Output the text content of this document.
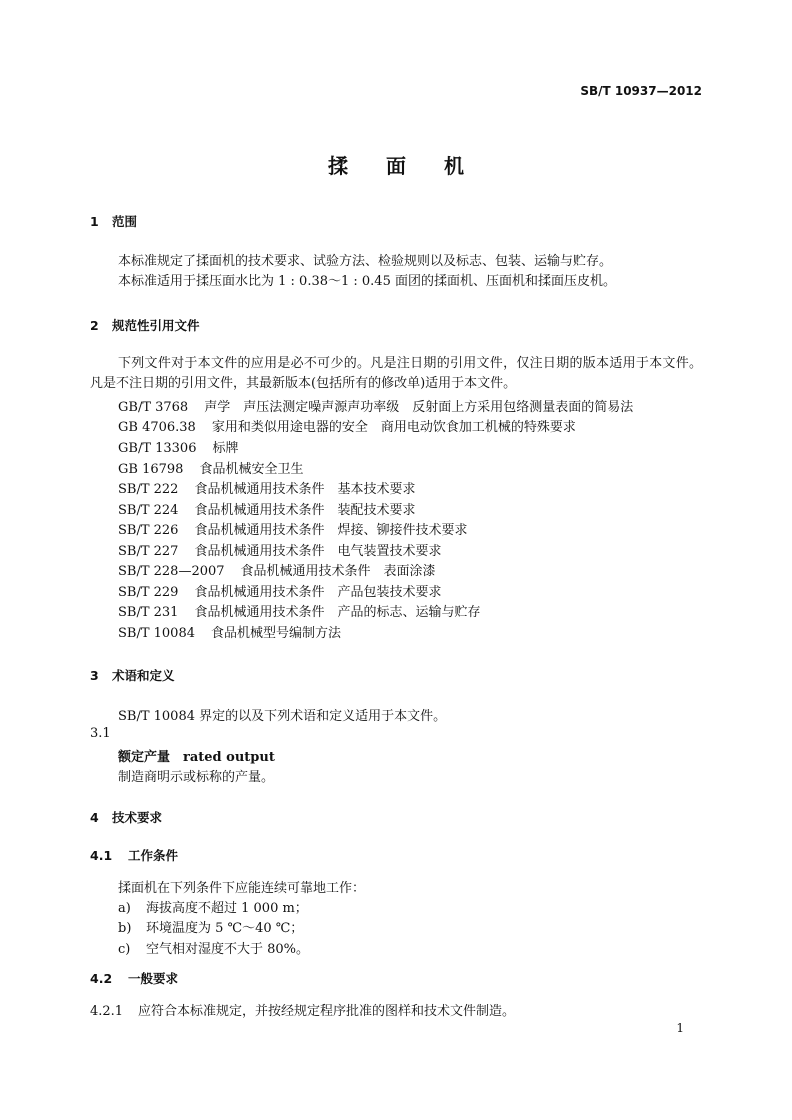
SB/T 10937—2012
揉面机
1 范围
本标准规定了揉面机的技术要求、试验方法、检验规则以及标志、包装、运输与贮存。
本标准适用于揉压面水比为 1 : 0.38～1 : 0.45 面团的揉面机、压面机和揉面压皮机。
2 规范性引用文件
下列文件对于本文件的应用是必不可少的。凡是注日期的引用文件，仅注日期的版本适用于本文件。凡是不注日期的引用文件，其最新版本(包括所有的修改单)适用于本文件。
GB/T 3768 声学　声压法测定噪声源声功率级　反射面上方采用包络测量表面的简易法
GB 4706.38 家用和类似用途电器的安全　商用电动饮食加工机械的特殊要求
GB/T 13306 标牌
GB 16798 食品机械安全卫生
SB/T 222 食品机械通用技术条件　基本技术要求
SB/T 224 食品机械通用技术条件　装配技术要求
SB/T 226 食品机械通用技术条件　焊接、铆接件技术要求
SB/T 227 食品机械通用技术条件　电气装置技术要求
SB/T 228—2007 食品机械通用技术条件　表面涂漆
SB/T 229 食品机械通用技术条件　产品包装技术要求
SB/T 231 食品机械通用技术条件　产品的标志、运输与贮存
SB/T 10084 食品机械型号编制方法
3 术语和定义
SB/T 10084 界定的以及下列术语和定义适用于本文件。
3.1
额定产量　rated output
制造商明示或标称的产量。
4 技术要求
4.1 工作条件
揉面机在下列条件下应能连续可靠地工作：
a) 海拔高度不超过 1 000 m；
b) 环境温度为 5 ℃～40 ℃；
c) 空气相对湿度不大于 80%。
4.2 一般要求
4.2.1 应符合本标准规定，并按经规定程序批准的图样和技术文件制造。
1
